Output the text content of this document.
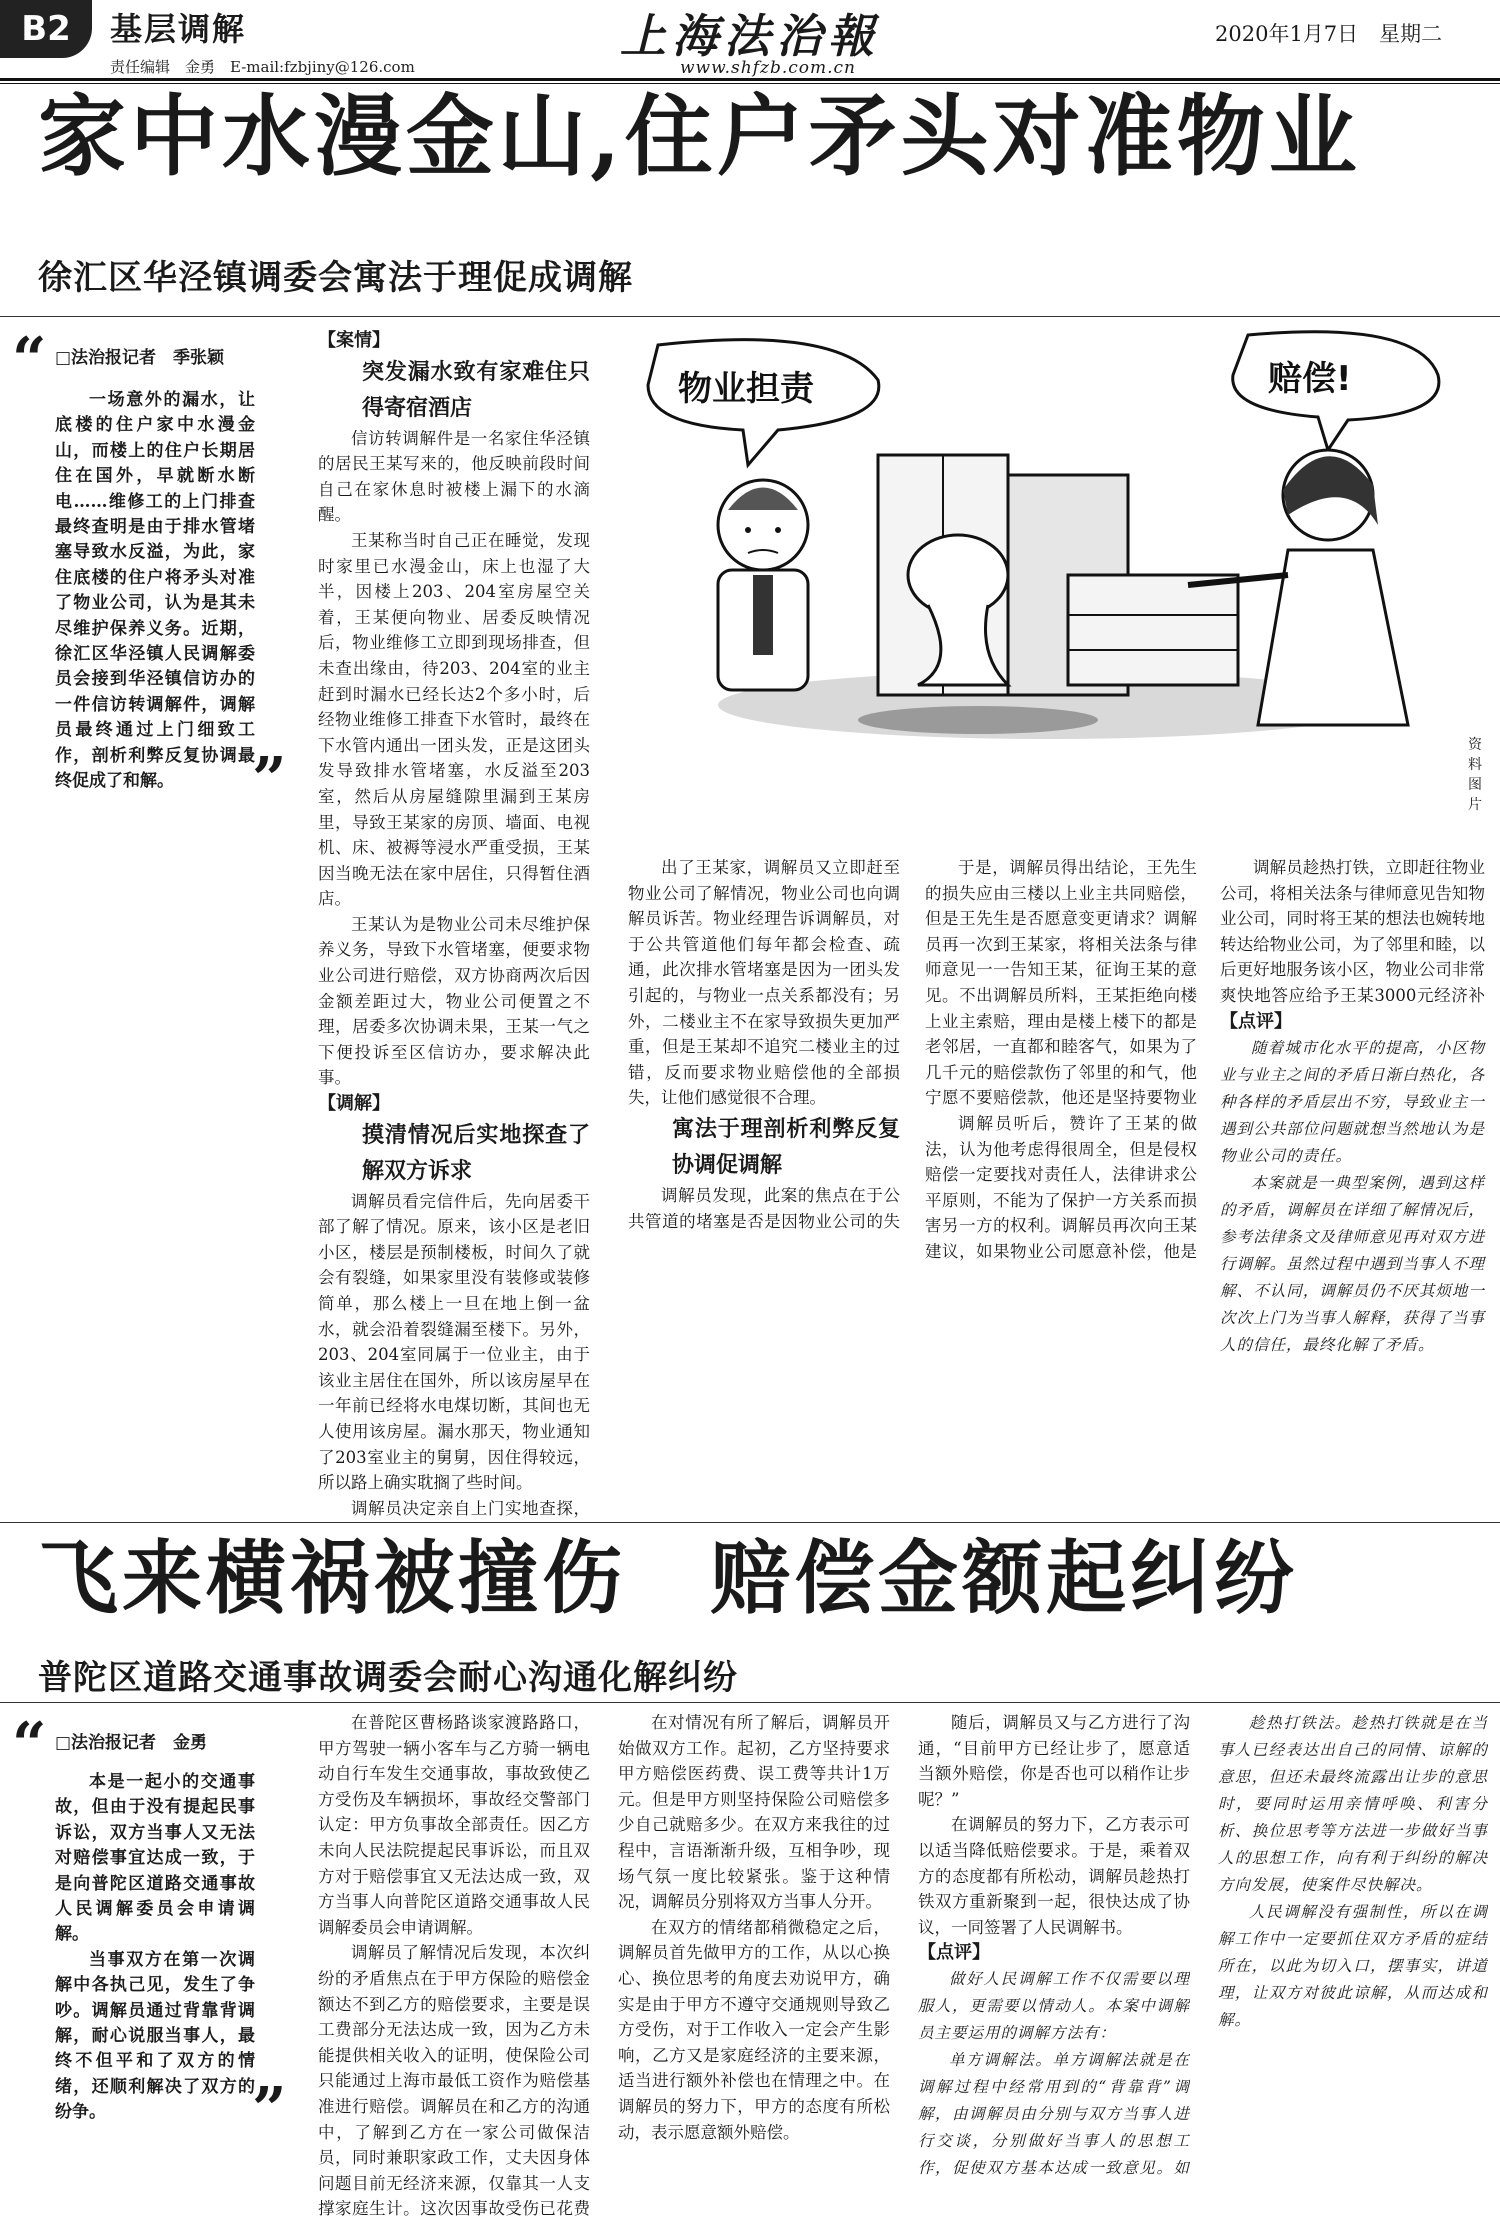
B2	基层调解
责任编辑　金勇　E-mail:fzbjiny@126.com
上海法治報
www.shfzb.com.cn
2020年1月7日　星期二
家中水漫金山,住户矛头对准物业
徐汇区华泾镇调委会寓法于理促成调解
“ □法治报记者　季张颖

一场意外的漏水，让底楼的住户家中水漫金山，而楼上的住户长期居住在国外，早就断水断电……维修工的上门排查最终查明是由于排水管堵塞导致水反溢，为此，家住底楼的住户将矛头对准了物业公司，认为是其未尽维护保养义务。近期，徐汇区华泾镇人民调解委员会接到华泾镇信访办的一件信访转调解件，调解员最终通过上门细致工作，剖析利弊反复协调最终促成了和解。	”

【案情】

突发漏水致有家难住只得寄宿酒店

信访转调解件是一名家住华泾镇的居民王某写来的，他反映前段时间自己在家休息时被楼上漏下的水滴醒。

王某称当时自己正在睡觉，发现时家里已水漫金山，床上也湿了大半，因楼上203、204室房屋空关着，王某便向物业、居委反映情况后，物业维修工立即到现场排查，但未查出缘由，待203、204室的业主赶到时漏水已经长达2个多小时，后经物业维修工排查下水管时，最终在下水管内通出一团头发，正是这团头发导致排水管堵塞，水反溢至203室，然后从房屋缝隙里漏到王某房里，导致王某家的房顶、墙面、电视机、床、被褥等浸水严重受损，王某因当晚无法在家中居住，只得暂住酒店。

王某认为是物业公司未尽维护保养义务，导致下水管堵塞，便要求物业公司进行赔偿，双方协商两次后因金额差距过大，物业公司便置之不理，居委多次协调未果，王某一气之下便投诉至区信访办，要求解决此事。

【调解】

摸清情况后实地探查了解双方诉求

调解员看完信件后，先向居委干部了解了情况。原来，该小区是老旧小区，楼层是预制楼板，时间久了就会有裂缝，如果家里没有装修或装修简单，那么楼上一旦在地上倒一盆水，就会沿着裂缝漏至楼下。另外，203、204室同属于一位业主，由于该业主居住在国外，所以该房屋早在一年前已经将水电煤切断，其间也无人使用该房屋。漏水那天，物业通知了203室业主的舅舅，因住得较远，所以路上确实耽搁了些时间。

调解员决定亲自上门实地查探，

物业担责	赔偿!
资料图片

出了王某家，调解员又立即赶至物业公司了解情况，物业公司也向调解员诉苦。物业经理告诉调解员，对于公共管道他们每年都会检查、疏通，此次排水管堵塞是因为一团头发引起的，与物业一点关系都没有；另外，二楼业主不在家导致损失更加严重，但是王某却不追究二楼业主的过错，反而要求物业赔偿他的全部损失，让他们感觉很不合理。

寓法于理剖析利弊反复协调促调解

调解员发现，此案的焦点在于公共管道的堵塞是否是因物业公司的失

于是，调解员得出结论，王先生的损失应由三楼以上业主共同赔偿，但是王先生是否愿意变更请求？调解员再一次到王某家，将相关法条与律师意见一一告知王某，征询王某的意见。不出调解员所料，王某拒绝向楼上业主索赔，理由是楼上楼下的都是老邻居，一直都和睦客气，如果为了几千元的赔偿款伤了邻里的和气，他宁愿不要赔偿款，他还是坚持要物业

调解员听后，赞许了王某的做法，认为他考虑得很周全，但是侵权赔偿一定要找对责任人，法律讲求公平原则，不能为了保护一方关系而损害另一方的权利。调解员再次向王某建议，如果物业公司愿意补偿，他是

调解员趁热打铁，立即赶往物业公司，将相关法条与律师意见告知物业公司，同时将王某的想法也婉转地转达给物业公司，为了邻里和睦，以后更好地服务该小区，物业公司非常爽快地答应给予王某3000元经济补

【点评】

随着城市化水平的提高，小区物业与业主之间的矛盾日渐白热化，各种各样的矛盾层出不穷，导致业主一遇到公共部位问题就想当然地认为是物业公司的责任。

本案就是一典型案例，遇到这样的矛盾，调解员在详细了解情况后，参考法律条文及律师意见再对双方进行调解。虽然过程中遇到当事人不理解、不认同，调解员仍不厌其烦地一次次上门为当事人解释，获得了当事人的信任，最终化解了矛盾。

飞来横祸被撞伤　赔偿金额起纠纷
普陀区道路交通事故调委会耐心沟通化解纠纷
“ □法治报记者　金勇

本是一起小的交通事故，但由于没有提起民事诉讼，双方当事人又无法对赔偿事宜达成一致，于是向普陀区道路交通事故人民调解委员会申请调解。

当事双方在第一次调解中各执己见，发生了争吵。调解员通过背靠背调解，耐心说服当事人，最终不但平和了双方的情绪，还顺利解决了双方的纷争。	”

在普陀区曹杨路谈家渡路路口，甲方驾驶一辆小客车与乙方骑一辆电动自行车发生交通事故，事故致使乙方受伤及车辆损坏，事故经交警部门认定：甲方负事故全部责任。因乙方未向人民法院提起民事诉讼，而且双方对于赔偿事宜又无法达成一致，双方当事人向普陀区道路交通事故人民调解委员会申请调解。

调解员了解情况后发现，本次纠纷的矛盾焦点在于甲方保险的赔偿金额达不到乙方的赔偿要求，主要是误工费部分无法达成一致，因为乙方未能提供相关收入的证明，使保险公司只能通过上海市最低工资作为赔偿基准进行赔偿。调解员在和乙方的沟通中，了解到乙方在一家公司做保洁员，同时兼职家政工作，丈夫因身体问题目前无经济来源，仅靠其一人支撑家庭生计。这次因事故受伤已花费

在对情况有所了解后，调解员开始做双方工作。起初，乙方坚持要求甲方赔偿医药费、误工费等共计1万元。但是甲方则坚持保险公司赔偿多少自己就赔多少。在双方来我往的过程中，言语渐渐升级，互相争吵，现场气氛一度比较紧张。鉴于这种情况，调解员分别将双方当事人分开。

在双方的情绪都稍微稳定之后，调解员首先做甲方的工作，从以心换心、换位思考的角度去劝说甲方，确实是由于甲方不遵守交通规则导致乙方受伤，对于工作收入一定会产生影响，乙方又是家庭经济的主要来源，适当进行额外补偿也在情理之中。在调解员的努力下，甲方的态度有所松动，表示愿意额外赔偿。

随后，调解员又与乙方进行了沟通，“目前甲方已经让步了，愿意适当额外赔偿，你是否也可以稍作让步呢？”

在调解员的努力下，乙方表示可以适当降低赔偿要求。于是，乘着双方的态度都有所松动，调解员趁热打铁双方重新聚到一起，很快达成了协议，一同签署了人民调解书。

【点评】

做好人民调解工作不仅需要以理服人，更需要以情动人。本案中调解员主要运用的调解方法有：

单方调解法。单方调解法就是在调解过程中经常用到的“背靠背”调解，由调解员由分别与双方当事人进行交谈，分别做好当事人的思想工作，促使双方基本达成一致意见。如

趁热打铁法。趁热打铁就是在当事人已经表达出自己的同情、谅解的意思，但还未最终流露出让步的意思时，要同时运用亲情呼唤、利害分析、换位思考等方法进一步做好当事人的思想工作，向有利于纠纷的解决方向发展，使案件尽快解决。

人民调解没有强制性，所以在调解工作中一定要抓住双方矛盾的症结所在，以此为切入口，摆事实，讲道理，让双方对彼此谅解，从而达成和解。
